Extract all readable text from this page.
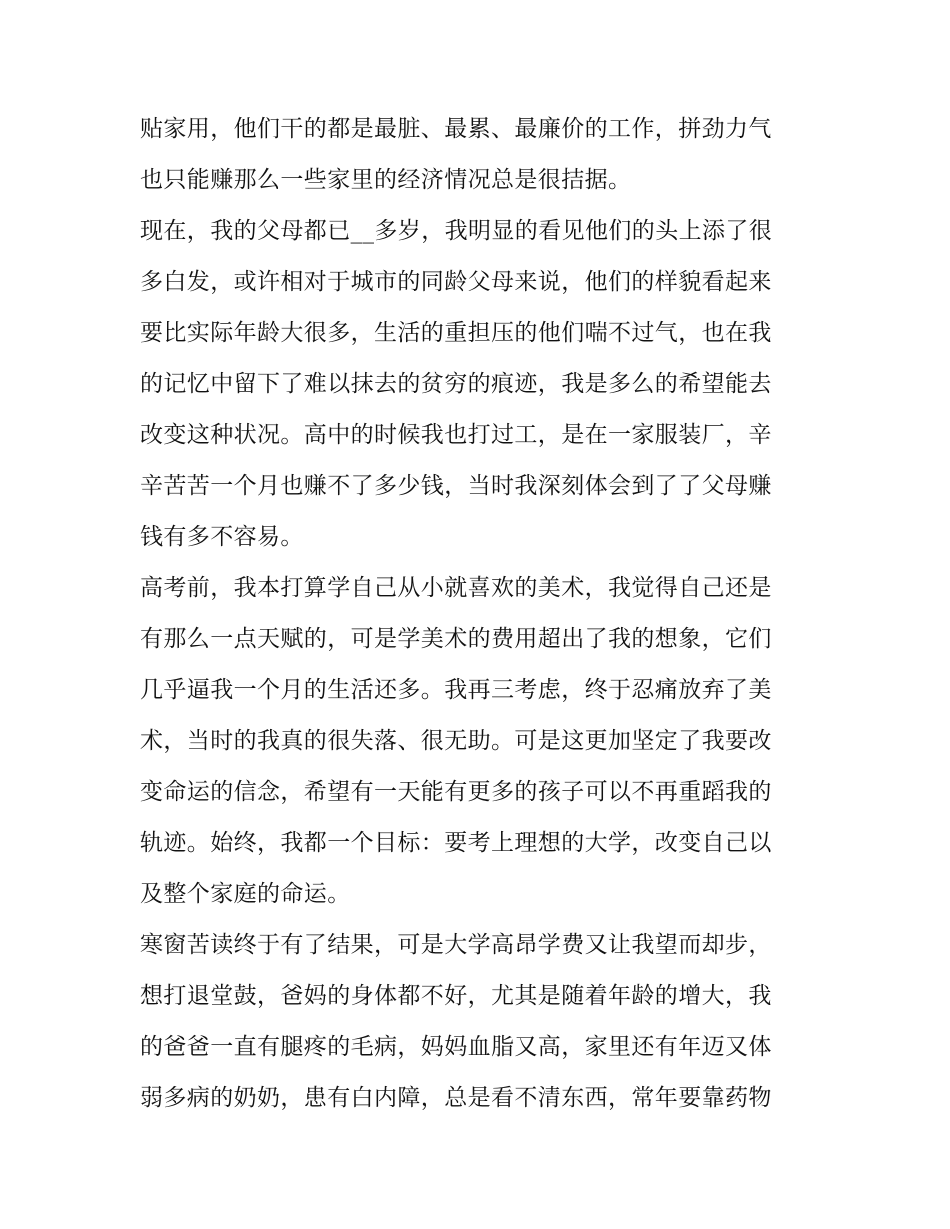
贴家用，他们干的都是最脏、最累、最廉价的工作，拼劲力气
也只能赚那么一些家里的经济情况总是很拮据。
现在，我的父母都已__多岁，我明显的看见他们的头上添了很
多白发，或许相对于城市的同龄父母来说，他们的样貌看起来
要比实际年龄大很多，生活的重担压的他们喘不过气，也在我
的记忆中留下了难以抹去的贫穷的痕迹，我是多么的希望能去
改变这种状况。高中的时候我也打过工，是在一家服装厂，辛
辛苦苦一个月也赚不了多少钱，当时我深刻体会到了了父母赚
钱有多不容易。
高考前，我本打算学自己从小就喜欢的美术，我觉得自己还是
有那么一点天赋的，可是学美术的费用超出了我的想象，它们
几乎逼我一个月的生活还多。我再三考虑，终于忍痛放弃了美
术，当时的我真的很失落、很无助。可是这更加坚定了我要改
变命运的信念，希望有一天能有更多的孩子可以不再重蹈我的
轨迹。始终，我都一个目标：要考上理想的大学，改变自己以
及整个家庭的命运。
寒窗苦读终于有了结果，可是大学高昂学费又让我望而却步，
想打退堂鼓，爸妈的身体都不好，尤其是随着年龄的增大，我
的爸爸一直有腿疼的毛病，妈妈血脂又高，家里还有年迈又体
弱多病的奶奶，患有白内障，总是看不清东西，常年要靠药物
